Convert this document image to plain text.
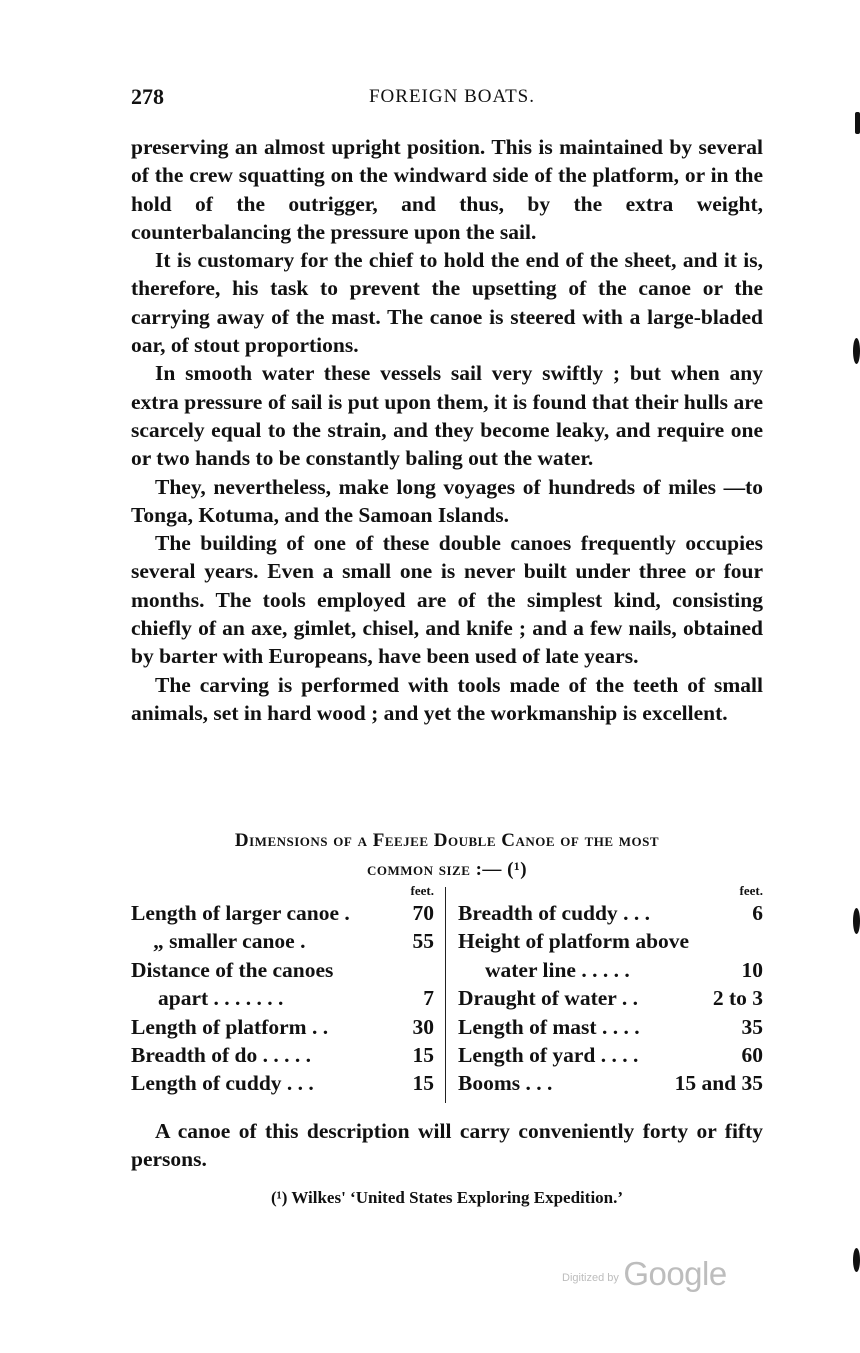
278	FOREIGN BOATS.

preserving an almost upright position. This is maintained by several of the crew squatting on the windward side of the platform, or in the hold of the outrigger, and thus, by the extra weight, counterbalancing the pressure upon the sail.

It is customary for the chief to hold the end of the sheet, and it is, therefore, his task to prevent the upsetting of the canoe or the carrying away of the mast. The canoe is steered with a large-bladed oar, of stout proportions.

In smooth water these vessels sail very swiftly ; but when any extra pressure of sail is put upon them, it is found that their hulls are scarcely equal to the strain, and they become leaky, and require one or two hands to be constantly baling out the water.

They, nevertheless, make long voyages of hundreds of miles —to Tonga, Kotuma, and the Samoan Islands.

The building of one of these double canoes frequently occupies several years. Even a small one is never built under three or four months. The tools employed are of the simplest kind, consisting chiefly of an axe, gimlet, chisel, and knife ; and a few nails, obtained by barter with Europeans, have been used of late years.

The carving is performed with tools made of the teeth of small animals, set in hard wood ; and yet the workmanship is excellent.

Dimensions of a Feejee Double Canoe of the most
common size :— (¹)
feet.
Length of larger canoe .	70
„ smaller canoe .	55
Distance of the canoes
apart . . . . . . .	7
Length of platform . .	30
Breadth of do . . . . .	15
Length of cuddy . . .	15
feet.
Breadth of cuddy . . .	6
Height of platform above
water line . . . . .	10
Draught of water . .	2 to 3
Length of mast . . . .	35
Length of yard . . . .	60
Booms . . .	15 and 35

A canoe of this description will carry conveniently forty or fifty persons.

(¹) Wilkes' ‘United States Exploring Expedition.’
$^{Digitized by}$ Google
